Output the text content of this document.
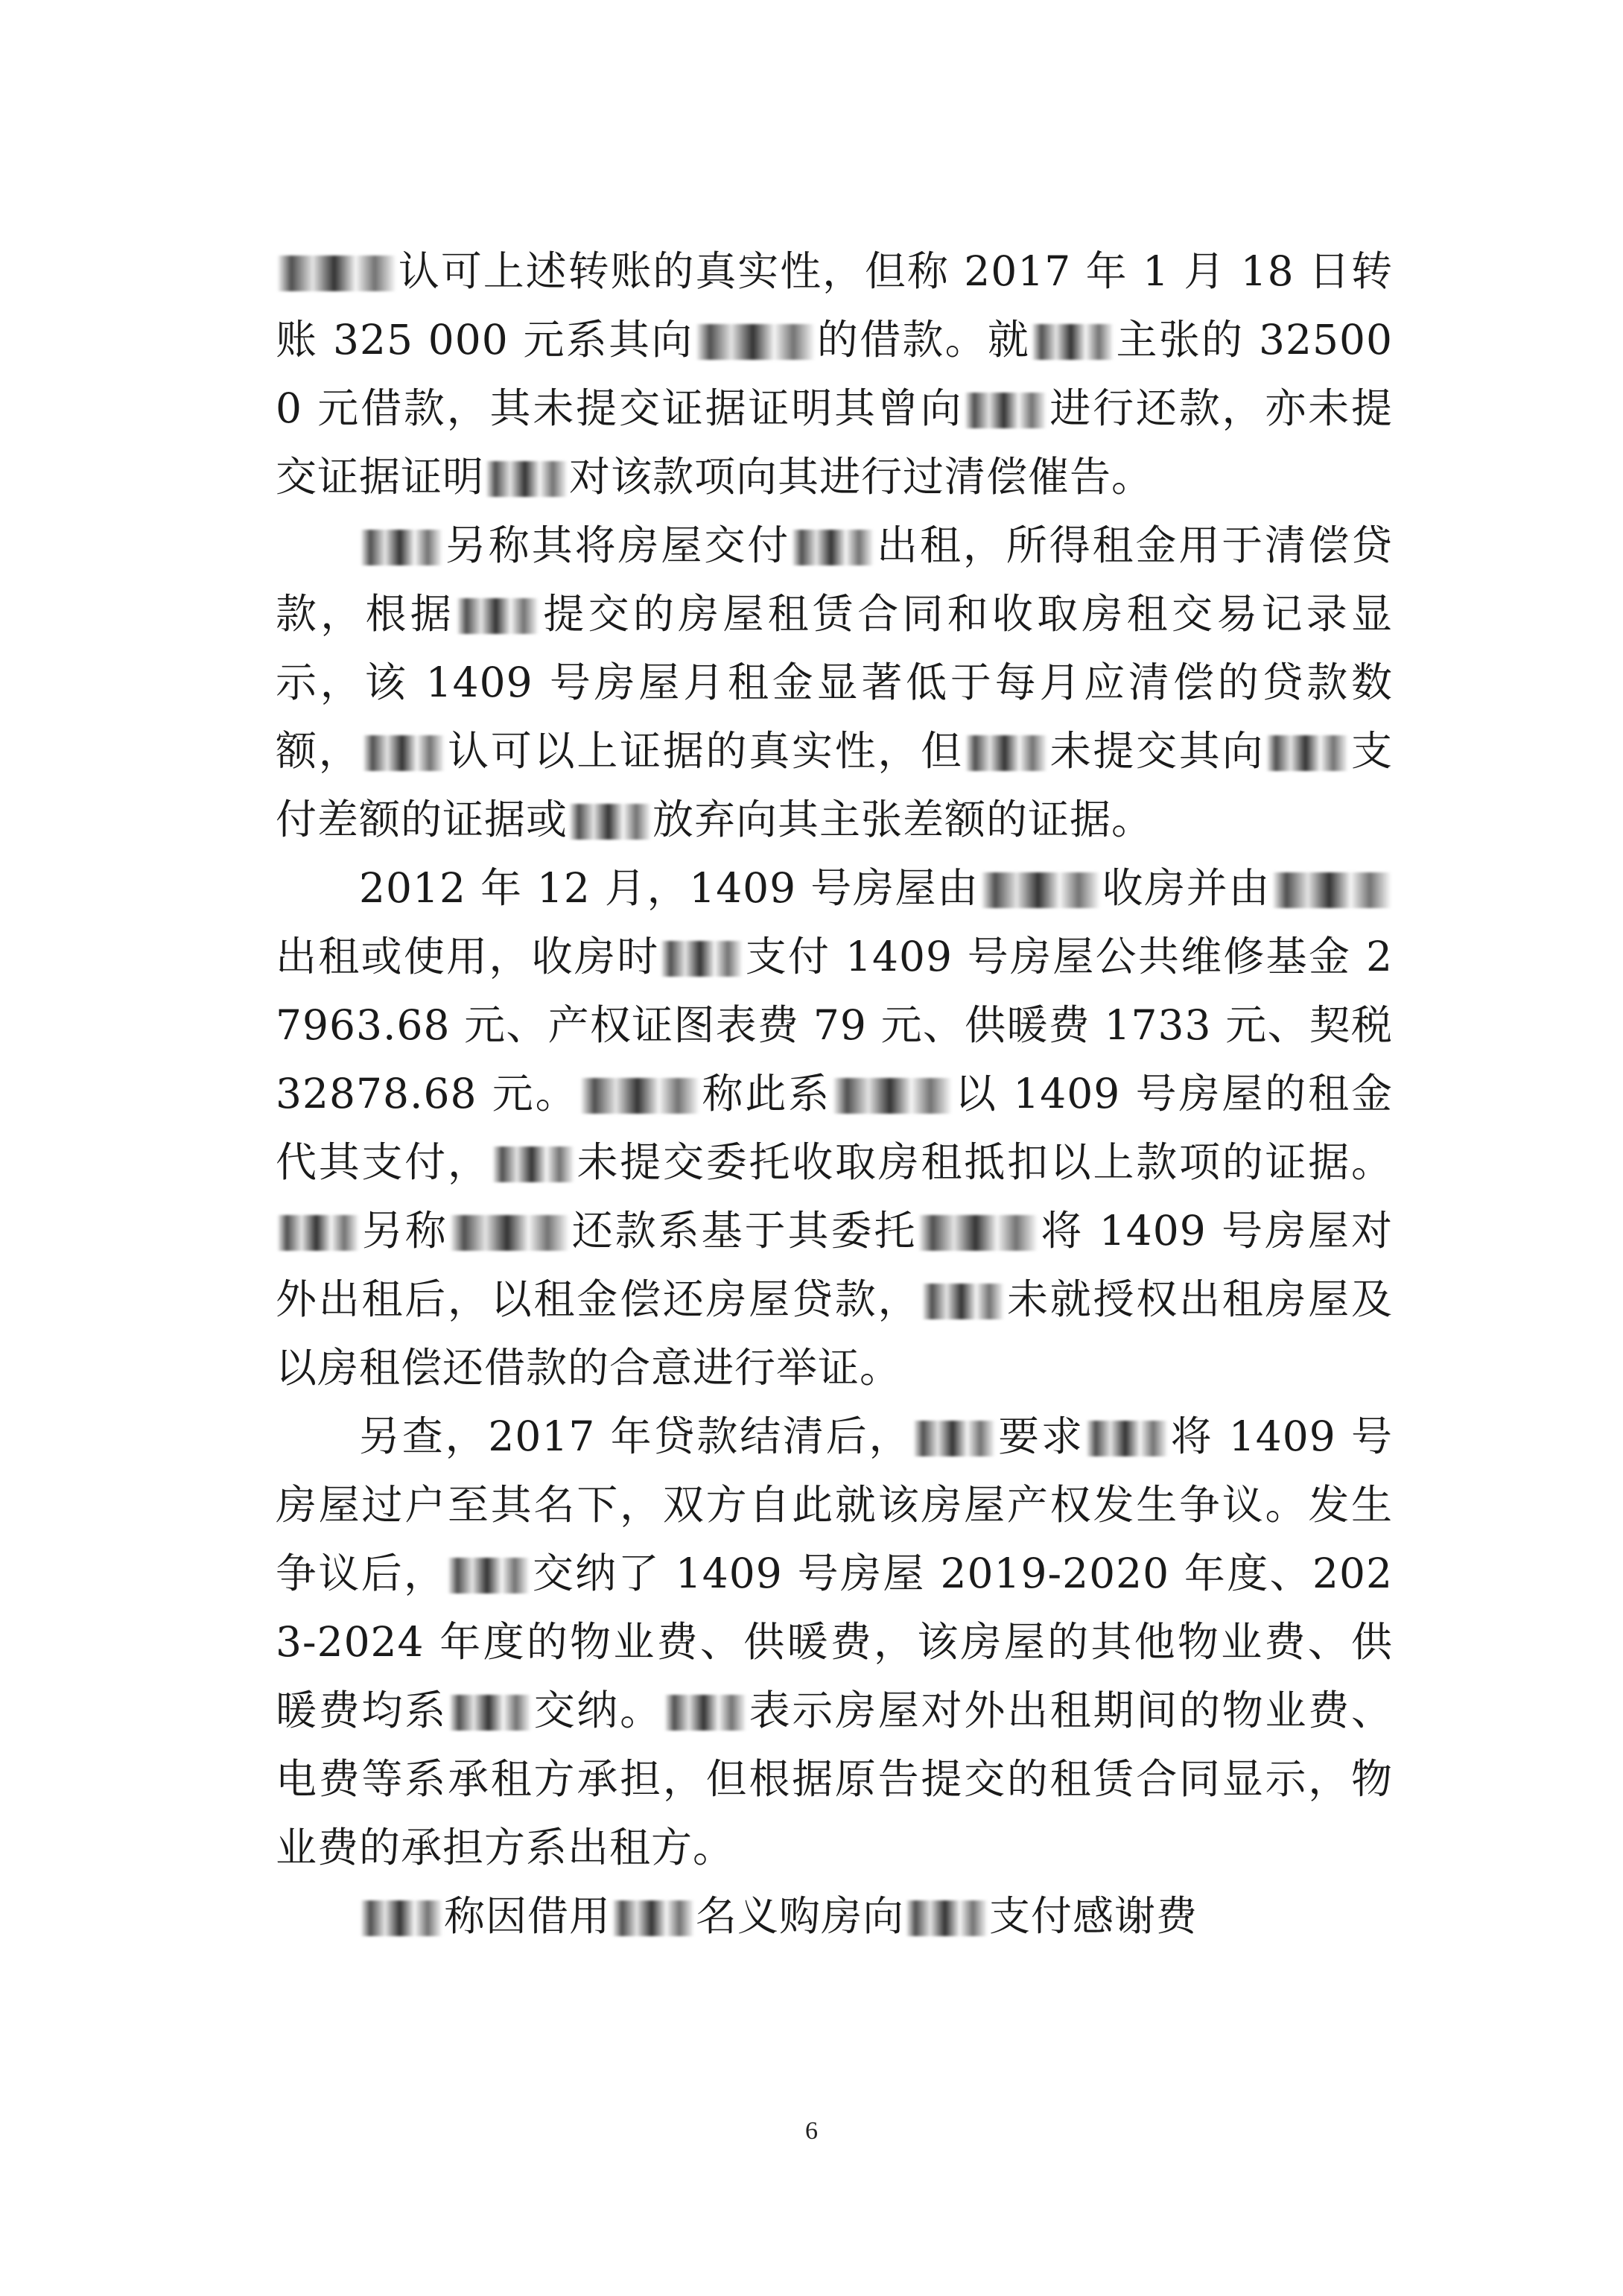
认可上述转账的真实性，但称 2017 年 1 月 18 日转账 325 000 元系其向	的借款。就 主张的 325000 元借款，其未提交证据证明其曾向 进行还款，亦未提交证据证明 对该款项向其进行过清偿催告。

另称其将房屋交付 出租，所得租金用于清偿贷款，根据 提交的房屋租赁合同和收取房租交易记录显示，该 1409 号房屋月租金显著低于每月应清偿的贷款数额， 认可以上证据的真实性，但 未提交其向 支付差额的证据或 放弃向其主张差额的证据。

2012 年 12 月，1409 号房屋由	收房并由出租或使用，收房时 支付 1409 号房屋公共维修基金 27963.68 元、产权证图表费 79 元、供暖费 1733 元、契税 32878.68 元。	称此系	以 1409 号房屋的租金代其支付， 未提交委托收取房租抵扣以上款项的证据。另称	还款系基于其委托	将 1409 号房屋对外出租后，以租金偿还房屋贷款， 未就授权出租房屋及以房租偿还借款的合意进行举证。

另查，2017 年贷款结清后， 要求 将 1409 号房屋过户至其名下，双方自此就该房屋产权发生争议。发生争议后， 交纳了 1409 号房屋 2019-2020 年度、2023-2024 年度的物业费、供暖费，该房屋的其他物业费、供暖费均系 交纳。 表示房屋对外出租期间的物业费、电费等系承租方承担，但根据原告提交的租赁合同显示，物业费的承担方系出租方。

称因借用 名义购房向 支付感谢费

6
